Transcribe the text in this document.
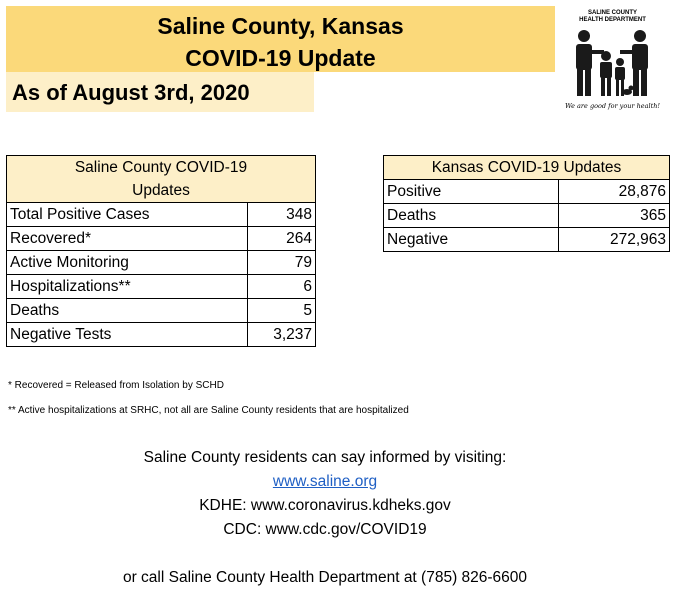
Saline County, Kansas
COVID-19 Update
As of August 3rd, 2020
SALINE COUNTY
HEALTH DEPARTMENT
We are good for your health!
Saline County COVID-19
Updates	

Total Positive Cases	348
Recovered*	264
Active Monitoring	79
Hospitalizations**	6
Deaths	5
Negative Tests	3,237
Kansas COVID-19 Updates	
Positive	28,876
Deaths	365
Negative	272,963
* Recovered = Released from Isolation by SCHD
** Active hospitalizations at SRHC, not all are Saline County residents that are hospitalized
Saline County residents can say informed by visiting:
www.saline.org
KDHE: www.coronavirus.kdheks.gov
CDC: www.cdc.gov/COVID19
or call Saline County Health Department at (785) 826-6600
